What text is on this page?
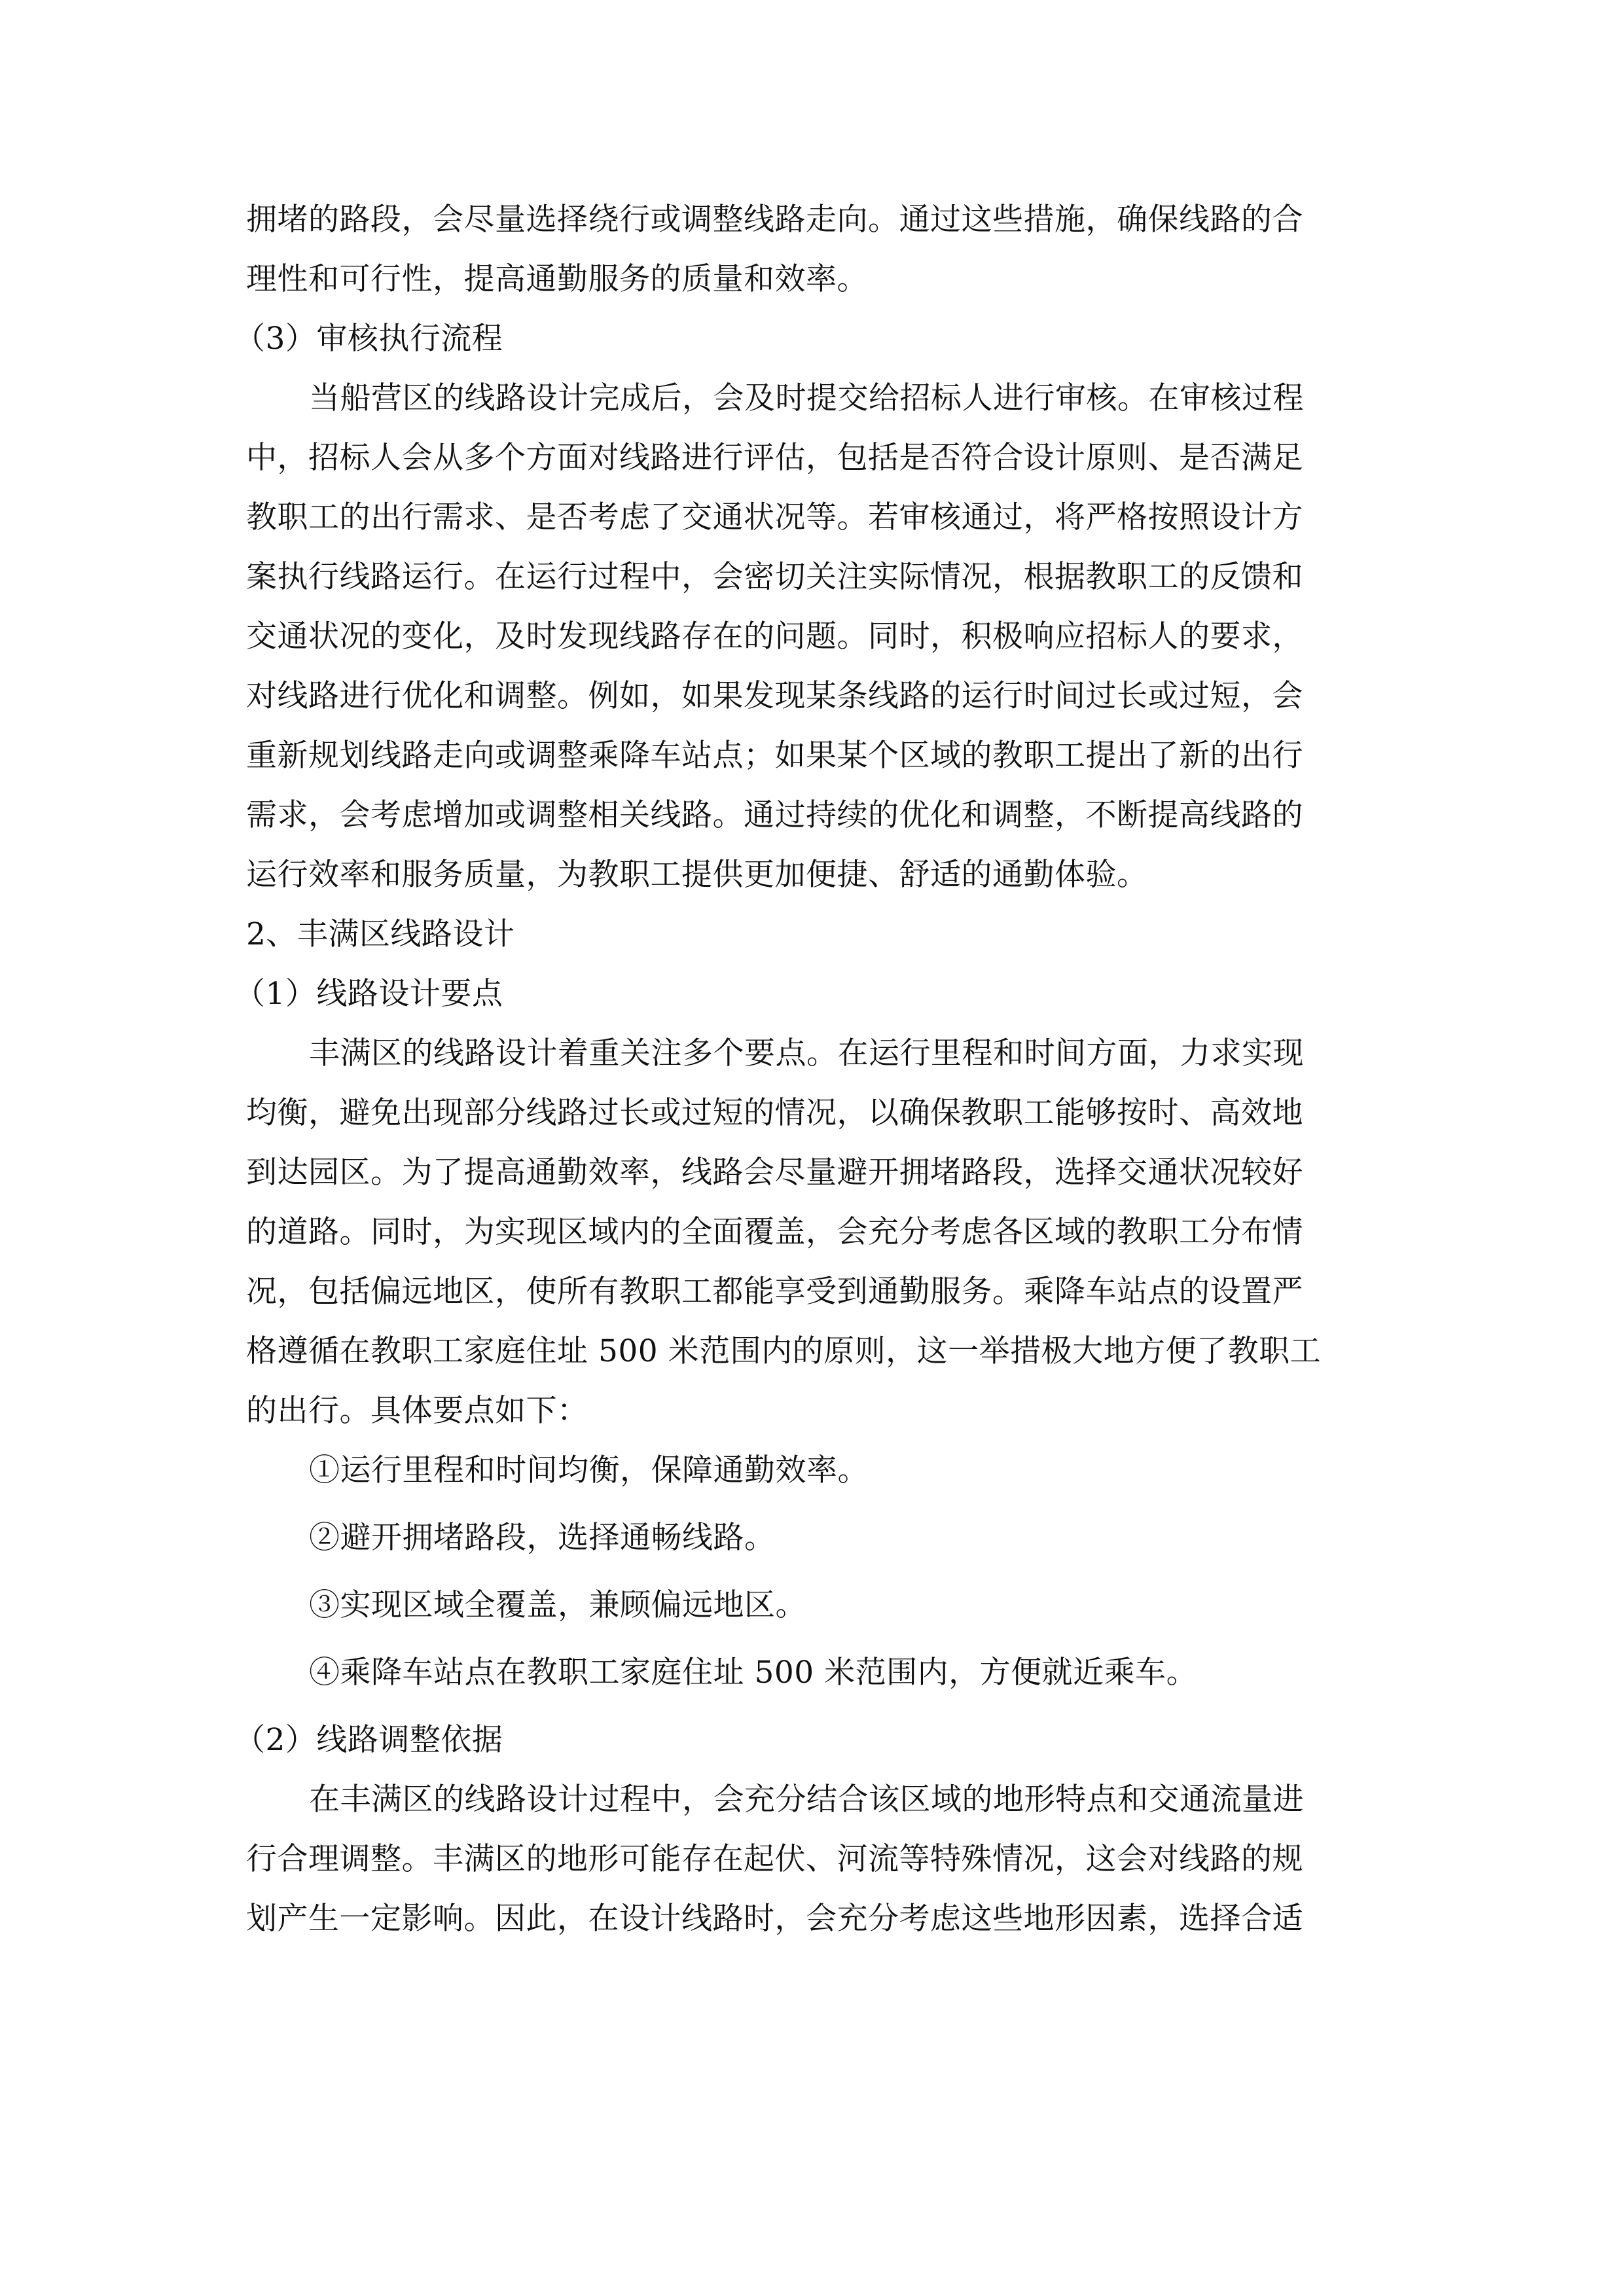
拥堵的路段，会尽量选择绕行或调整线路走向。通过这些措施，确保线路的合
理性和可行性，提高通勤服务的质量和效率。
（3）审核执行流程
当船营区的线路设计完成后，会及时提交给招标人进行审核。在审核过程
中，招标人会从多个方面对线路进行评估，包括是否符合设计原则、是否满足
教职工的出行需求、是否考虑了交通状况等。若审核通过，将严格按照设计方
案执行线路运行。在运行过程中，会密切关注实际情况，根据教职工的反馈和
交通状况的变化，及时发现线路存在的问题。同时，积极响应招标人的要求，
对线路进行优化和调整。例如，如果发现某条线路的运行时间过长或过短，会
重新规划线路走向或调整乘降车站点；如果某个区域的教职工提出了新的出行
需求，会考虑增加或调整相关线路。通过持续的优化和调整，不断提高线路的
运行效率和服务质量，为教职工提供更加便捷、舒适的通勤体验。
2、丰满区线路设计
（1）线路设计要点
丰满区的线路设计着重关注多个要点。在运行里程和时间方面，力求实现
均衡，避免出现部分线路过长或过短的情况，以确保教职工能够按时、高效地
到达园区。为了提高通勤效率，线路会尽量避开拥堵路段，选择交通状况较好
的道路。同时，为实现区域内的全面覆盖，会充分考虑各区域的教职工分布情
况，包括偏远地区，使所有教职工都能享受到通勤服务。乘降车站点的设置严
格遵循在教职工家庭住址 500 米范围内的原则，这一举措极大地方便了教职工
的出行。具体要点如下：
①运行里程和时间均衡，保障通勤效率。
②避开拥堵路段，选择通畅线路。
③实现区域全覆盖，兼顾偏远地区。
④乘降车站点在教职工家庭住址 500 米范围内，方便就近乘车。
（2）线路调整依据
在丰满区的线路设计过程中，会充分结合该区域的地形特点和交通流量进
行合理调整。丰满区的地形可能存在起伏、河流等特殊情况，这会对线路的规
划产生一定影响。因此，在设计线路时，会充分考虑这些地形因素，选择合适
